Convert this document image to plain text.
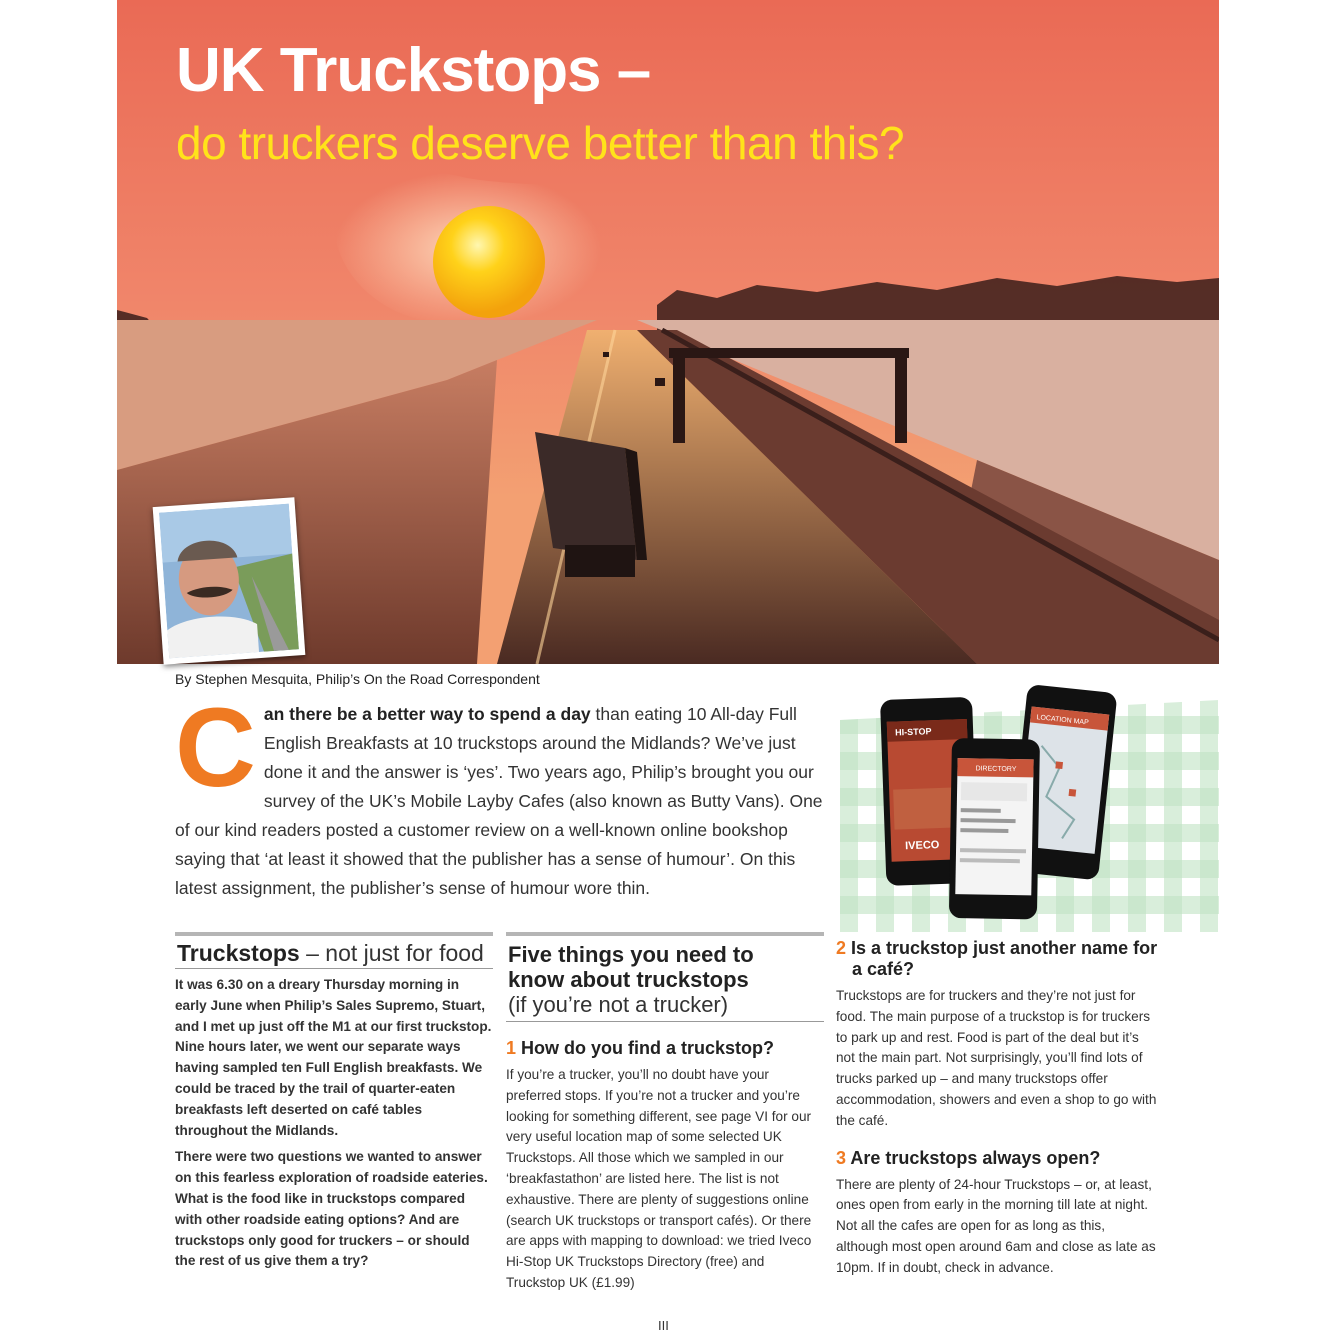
UK Truckstops –
do truckers deserve better than this?
By Stephen Mesquita, Philip’s On the Road Correspondent
Can there be a better way to spend a day than eating 10 All-day Full English Breakfasts at 10 truckstops around the Midlands? We’ve just done it and the answer is ‘yes’. Two years ago, Philip’s brought you our survey of the UK’s Mobile Layby Cafes (also known as Butty Vans). One of our kind readers posted a customer review on a well-known online bookshop saying that ‘at least it showed that the publisher has a sense of humour’. On this latest assignment, the publisher’s sense of humour wore thin.
HI-STOP
IVECO
LOCATION MAP
DIRECTORY
Truckstops – not just for food

It was 6.30 on a dreary Thursday morning in early June when Philip’s Sales Supremo, Stuart, and I met up just off the M1 at our first truckstop. Nine hours later, we went our separate ways having sampled ten Full English breakfasts. We could be traced by the trail of quarter-eaten breakfasts left deserted on café tables throughout the Midlands.

There were two questions we wanted to answer on this fearless exploration of roadside eateries. What is the food like in truckstops compared with other roadside eating options? And are truckstops only good for truckers – or should the rest of us give them a try?

Five things you need to
know about truckstops
(if you’re not a trucker)
1 How do you find a truckstop?

If you’re a trucker, you’ll no doubt have your preferred stops. If you’re not a trucker and you’re looking for something different, see page VI for our very useful location map of some selected UK Truckstops. All those which we sampled in our ‘breakfastathon’ are listed here. The list is not exhaustive. There are plenty of suggestions online (search UK truckstops or transport cafés). Or there are apps with mapping to download: we tried Iveco Hi-Stop UK Truckstops Directory (free) and Truckstop UK (£1.99)

2 Is a truckstop just another name for a café?

Truckstops are for truckers and they’re not just for food. The main purpose of a truckstop is for truckers to park up and rest. Food is part of the deal but it’s not the main part. Not surprisingly, you’ll find lots of trucks parked up – and many truckstops offer accommodation, showers and even a shop to go with the café.

3 Are truckstops always open?

There are plenty of 24-hour Truckstops – or, at least, ones open from early in the morning till late at night. Not all the cafes are open for as long as this, although most open around 6am and close as late as 10pm. If in doubt, check in advance.

III
